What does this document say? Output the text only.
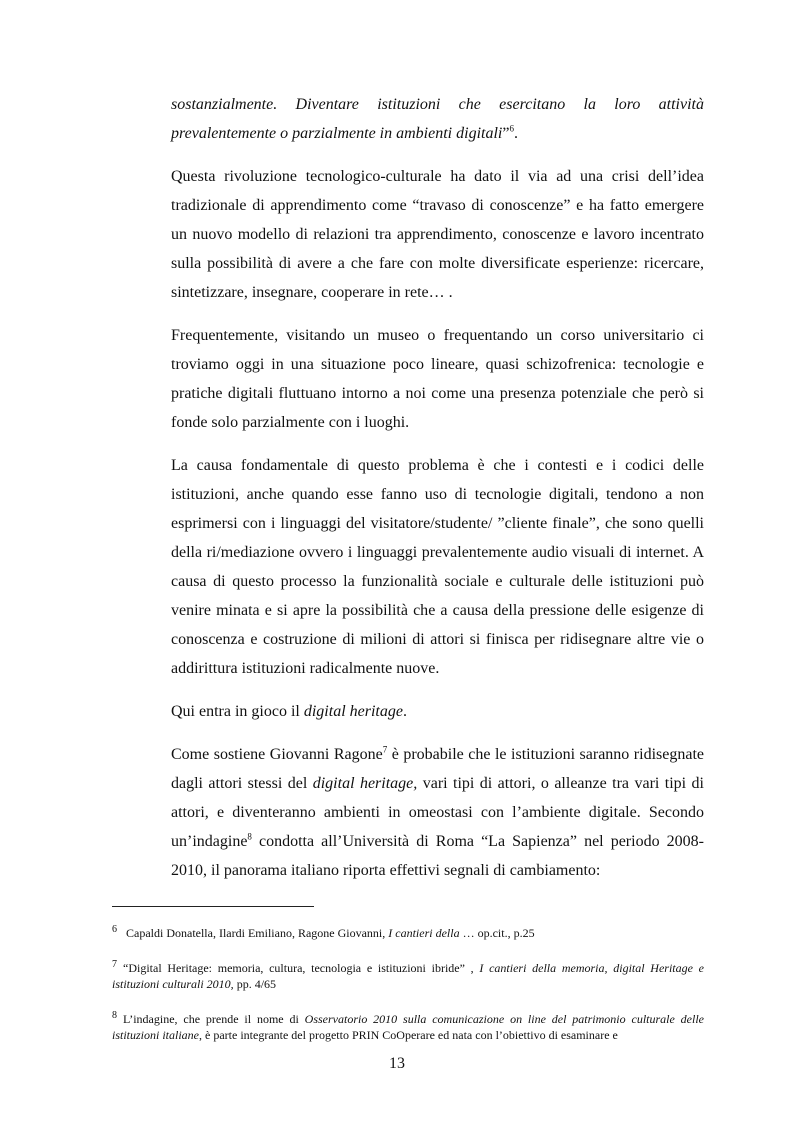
sostanzialmente. Diventare istituzioni che esercitano la loro attività prevalentemente o parzialmente in ambienti digitali”$^6$.

Questa rivoluzione tecnologico-culturale ha dato il via ad una crisi dell’idea tradizionale di apprendimento come “travaso di conoscenze” e ha fatto emergere un nuovo modello di relazioni tra apprendimento, conoscenze e lavoro incentrato sulla possibilità di avere a che fare con molte diversificate esperienze: ricercare, sintetizzare, insegnare, cooperare in rete… .

Frequentemente, visitando un museo o frequentando un corso universitario ci troviamo oggi in una situazione poco lineare, quasi schizofrenica: tecnologie e pratiche digitali fluttuano intorno a noi come una presenza potenziale che però si fonde solo parzialmente con i luoghi.

La causa fondamentale di questo problema è che i contesti e i codici delle istituzioni, anche quando esse fanno uso di tecnologie digitali, tendono a non esprimersi con i linguaggi del visitatore/studente/ ”cliente finale”, che sono quelli della ri/mediazione ovvero i linguaggi prevalentemente audio visuali di internet. A causa di questo processo la funzionalità sociale e culturale delle istituzioni può venire minata e si apre la possibilità che a causa della pressione delle esigenze di conoscenza e costruzione di milioni di attori si finisca per ridisegnare altre vie o addirittura istituzioni radicalmente nuove.

Qui entra in gioco il digital heritage.

Come sostiene Giovanni Ragone$^7$ è probabile che le istituzioni saranno ridisegnate dagli attori stessi del digital heritage, vari tipi di attori, o alleanze tra vari tipi di attori, e diventeranno ambienti in omeostasi con l’ambiente digitale. Secondo un’indagine$^8$ condotta all’Università di Roma “La Sapienza” nel periodo 2008-2010, il panorama italiano riporta effettivi segnali di cambiamento:

$^6$ Capaldi Donatella, Ilardi Emiliano, Ragone Giovanni, I cantieri della … op.cit., p.25

$^7$ “Digital Heritage: memoria, cultura, tecnologia e istituzioni ibride” , I cantieri della memoria, digital Heritage e istituzioni culturali 2010, pp. 4/65

$^8$ L’indagine, che prende il nome di Osservatorio 2010 sulla comunicazione on line del patrimonio culturale delle istituzioni italiane, è parte integrante del progetto PRIN CoOperare ed nata con l’obiettivo di esaminare e

13
